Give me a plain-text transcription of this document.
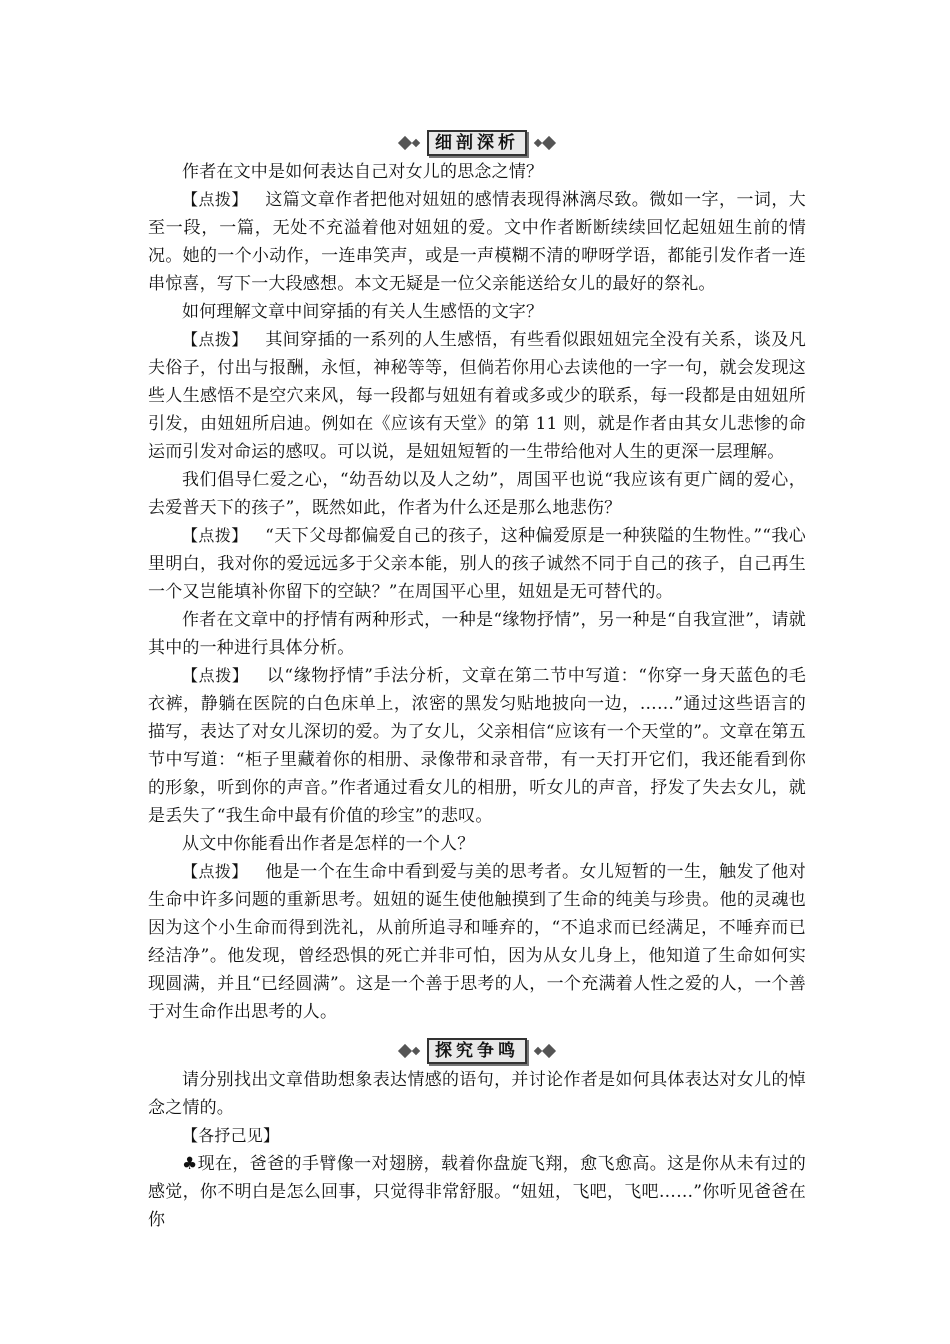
细剖深析

作者在文中是如何表达自己对女儿的思念之情？

【点拨】 这篇文章作者把他对妞妞的感情表现得淋漓尽致。微如一字，一词，大至一段，一篇，无处不充溢着他对妞妞的爱。文中作者断断续续回忆起妞妞生前的情况。她的一个小动作，一连串笑声，或是一声模糊不清的咿呀学语，都能引发作者一连串惊喜，写下一大段感想。本文无疑是一位父亲能送给女儿的最好的祭礼。

如何理解文章中间穿插的有关人生感悟的文字？

【点拨】 其间穿插的一系列的人生感悟，有些看似跟妞妞完全没有关系，谈及凡夫俗子，付出与报酬，永恒，神秘等等，但倘若你用心去读他的一字一句，就会发现这些人生感悟不是空穴来风，每一段都与妞妞有着或多或少的联系，每一段都是由妞妞所引发，由妞妞所启迪。例如在《应该有天堂》的第 11 则，就是作者由其女儿悲惨的命运而引发对命运的感叹。可以说，是妞妞短暂的一生带给他对人生的更深一层理解。

我们倡导仁爱之心，“幼吾幼以及人之幼”，周国平也说“我应该有更广阔的爱心，去爱普天下的孩子”，既然如此，作者为什么还是那么地悲伤？

【点拨】 “天下父母都偏爱自己的孩子，这种偏爱原是一种狭隘的生物性。”“我心里明白，我对你的爱远远多于父亲本能，别人的孩子诚然不同于自己的孩子，自己再生一个又岂能填补你留下的空缺？”在周国平心里，妞妞是无可替代的。

作者在文章中的抒情有两种形式，一种是“缘物抒情”，另一种是“自我宣泄”，请就其中的一种进行具体分析。

【点拨】 以“缘物抒情”手法分析，文章在第二节中写道：“你穿一身天蓝色的毛衣裤，静躺在医院的白色床单上，浓密的黑发匀贴地披向一边，……”通过这些语言的描写，表达了对女儿深切的爱。为了女儿，父亲相信“应该有一个天堂的”。文章在第五节中写道：“柜子里藏着你的相册、录像带和录音带，有一天打开它们，我还能看到你的形象，听到你的声音。”作者通过看女儿的相册，听女儿的声音，抒发了失去女儿，就是丢失了“我生命中最有价值的珍宝”的悲叹。

从文中你能看出作者是怎样的一个人？

【点拨】 他是一个在生命中看到爱与美的思考者。女儿短暂的一生，触发了他对生命中许多问题的重新思考。妞妞的诞生使他触摸到了生命的纯美与珍贵。他的灵魂也因为这个小生命而得到洗礼，从前所追寻和唾弃的，“不追求而已经满足，不唾弃而已经洁净”。他发现，曾经恐惧的死亡并非可怕，因为从女儿身上，他知道了生命如何实现圆满，并且“已经圆满”。这是一个善于思考的人，一个充满着人性之爱的人，一个善于对生命作出思考的人。

探究争鸣

请分别找出文章借助想象表达情感的语句，并讨论作者是如何具体表达对女儿的悼念之情的。

【各抒己见】

♣现在，爸爸的手臂像一对翅膀，载着你盘旋飞翔，愈飞愈高。这是你从未有过的感觉，你不明白是怎么回事，只觉得非常舒服。“妞妞，飞吧，飞吧……”你听见爸爸在你
